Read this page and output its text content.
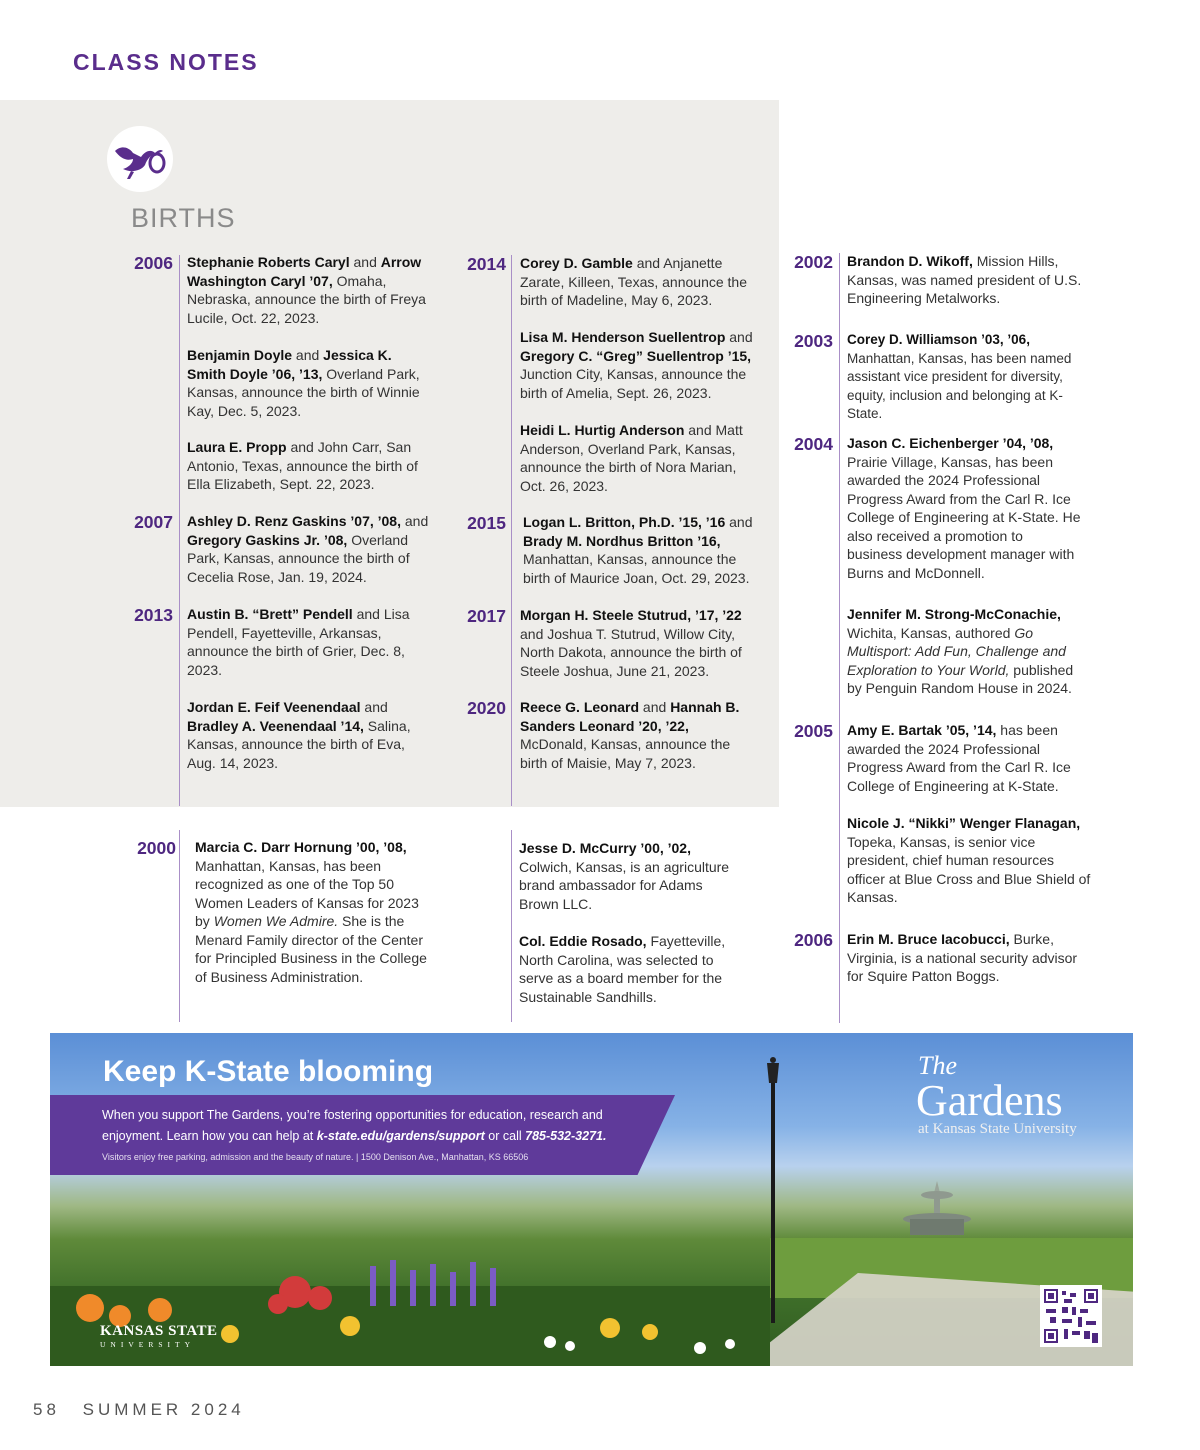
CLASS NOTES
BIRTHS
2006 Stephanie Roberts Caryl and Arrow Washington Caryl ’07, Omaha, Nebraska, announce the birth of Freya Lucile, Oct. 22, 2023.
Benjamin Doyle and Jessica K. Smith Doyle ’06, ’13, Overland Park, Kansas, announce the birth of Winnie Kay, Dec. 5, 2023.
Laura E. Propp and John Carr, San Antonio, Texas, announce the birth of Ella Elizabeth, Sept. 22, 2023.
2007 Ashley D. Renz Gaskins ’07, ’08, and Gregory Gaskins Jr. ’08, Overland Park, Kansas, announce the birth of Cecelia Rose, Jan. 19, 2024.
2013 Austin B. “Brett” Pendell and Lisa Pendell, Fayetteville, Arkansas, announce the birth of Grier, Dec. 8, 2023.
Jordan E. Feif Veenendaal and Bradley A. Veenendaal ’14, Salina, Kansas, announce the birth of Eva, Aug. 14, 2023.
2014 Corey D. Gamble and Anjanette Zarate, Killeen, Texas, announce the birth of Madeline, May 6, 2023.
Lisa M. Henderson Suellentrop and Gregory C. “Greg” Suellentrop ’15, Junction City, Kansas, announce the birth of Amelia, Sept. 26, 2023.
Heidi L. Hurtig Anderson and Matt Anderson, Overland Park, Kansas, announce the birth of Nora Marian, Oct. 26, 2023.
2015 Logan L. Britton, Ph.D. ’15, ’16 and Brady M. Nordhus Britton ’16, Manhattan, Kansas, announce the birth of Maurice Joan, Oct. 29, 2023.
2017 Morgan H. Steele Stutrud, ’17, ’22 and Joshua T. Stutrud, Willow City, North Dakota, announce the birth of Steele Joshua, June 21, 2023.
2020 Reece G. Leonard and Hannah B. Sanders Leonard ’20, ’22, McDonald, Kansas, announce the birth of Maisie, May 7, 2023.
2000 Marcia C. Darr Hornung ’00, ’08, Manhattan, Kansas, has been recognized as one of the Top 50 Women Leaders of Kansas for 2023 by Women We Admire. She is the Menard Family director of the Center for Principled Business in the College of Business Administration.
Jesse D. McCurry ’00, ’02, Colwich, Kansas, is an agriculture brand ambassador for Adams Brown LLC.
Col. Eddie Rosado, Fayetteville, North Carolina, was selected to serve as a board member for the Sustainable Sandhills.
2002 Brandon D. Wikoff, Mission Hills, Kansas, was named president of U.S. Engineering Metalworks.
2003 Corey D. Williamson ’03, ’06, Manhattan, Kansas, has been named assistant vice president for diversity, equity, inclusion and belonging at K-State.
2004 Jason C. Eichenberger ’04, ’08, Prairie Village, Kansas, has been awarded the 2024 Professional Progress Award from the Carl R. Ice College of Engineering at K-State. He also received a promotion to business development manager with Burns and McDonnell.
Jennifer M. Strong-McConachie, Wichita, Kansas, authored Go Multisport: Add Fun, Challenge and Exploration to Your World, published by Penguin Random House in 2024.
2005 Amy E. Bartak ’05, ’14, has been awarded the 2024 Professional Progress Award from the Carl R. Ice College of Engineering at K-State.
Nicole J. “Nikki” Wenger Flanagan, Topeka, Kansas, is senior vice president, chief human resources officer at Blue Cross and Blue Shield of Kansas.
2006 Erin M. Bruce Iacobucci, Burke, Virginia, is a national security advisor for Squire Patton Boggs.
Keep K-State blooming
When you support The Gardens, you’re fostering opportunities for education, research and
enjoyment. Learn how you can help at k-state.edu/gardens/support or call 785-532-3271.
Visitors enjoy free parking, admission and the beauty of nature. | 1500 Denison Ave., Manhattan, KS 66506
The
Gardens
at Kansas State University
KANSAS STATE
UNIVERSITY
58 SUMMER 2024
